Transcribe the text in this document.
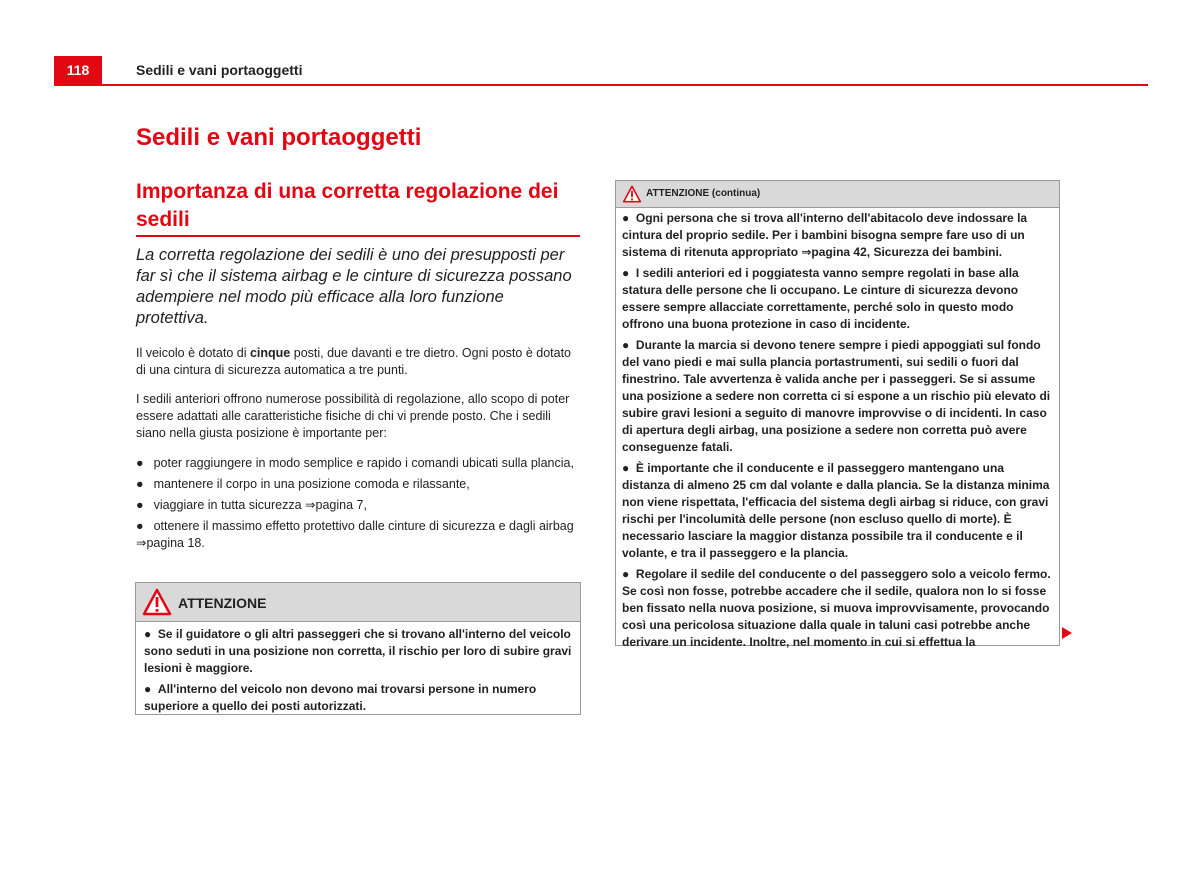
118	Sedili e vani portaoggetti
Sedili e vani portaoggetti
Importanza di una corretta regolazione dei sedili
La corretta regolazione dei sedili è uno dei presupposti per far sì che il sistema airbag e le cinture di sicurezza possano adempiere nel modo più efficace alla loro funzione protettiva.
Il veicolo è dotato di cinque posti, due davanti e tre dietro. Ogni posto è dotato di una cintura di sicurezza automatica a tre punti.
I sedili anteriori offrono numerose possibilità di regolazione, allo scopo di poter essere adattati alle caratteristiche fisiche di chi vi prende posto. Che i sedili siano nella giusta posizione è importante per:
● poter raggiungere in modo semplice e rapido i comandi ubicati sulla plancia,
● mantenere il corpo in una posizione comoda e rilassante,
● viaggiare in tutta sicurezza ⇒pagina 7,
● ottenere il massimo effetto protettivo dalle cinture di sicurezza e dagli airbag ⇒pagina 18.
ATTENZIONE

● Se il guidatore o gli altri passeggeri che si trovano all'interno del veicolo sono seduti in una posizione non corretta, il rischio per loro di subire gravi lesioni è maggiore.

● All'interno del veicolo non devono mai trovarsi persone in numero superiore a quello dei posti autorizzati.

ATTENZIONE (continua)

● Ogni persona che si trova all'interno dell'abitacolo deve indossare la cintura del proprio sedile. Per i bambini bisogna sempre fare uso di un sistema di ritenuta appropriato ⇒pagina 42, Sicurezza dei bambini.

● I sedili anteriori ed i poggiatesta vanno sempre regolati in base alla statura delle persone che li occupano. Le cinture di sicurezza devono essere sempre allacciate correttamente, perché solo in questo modo offrono una buona protezione in caso di incidente.

● Durante la marcia si devono tenere sempre i piedi appoggiati sul fondo del vano piedi e mai sulla plancia portastrumenti, sui sedili o fuori dal finestrino. Tale avvertenza è valida anche per i passeggeri. Se si assume una posizione a sedere non corretta ci si espone a un rischio più elevato di subire gravi lesioni a seguito di manovre improvvise o di incidenti. In caso di apertura degli airbag, una posizione a sedere non corretta può avere conseguenze fatali.

● È importante che il conducente e il passeggero mantengano una distanza di almeno 25 cm dal volante e dalla plancia. Se la distanza minima non viene rispettata, l'efficacia del sistema degli airbag si riduce, con gravi rischi per l'incolumità delle persone (non escluso quello di morte). È necessario lasciare la maggior distanza possibile tra il conducente e il volante, e tra il passeggero e la plancia.

● Regolare il sedile del conducente o del passeggero solo a veicolo fermo. Se così non fosse, potrebbe accadere che il sedile, qualora non lo si fosse ben fissato nella nuova posizione, si muova improvvisamente, provocando così una pericolosa situazione dalla quale in taluni casi potrebbe anche derivare un incidente. Inoltre, nel momento in cui si effettua la
